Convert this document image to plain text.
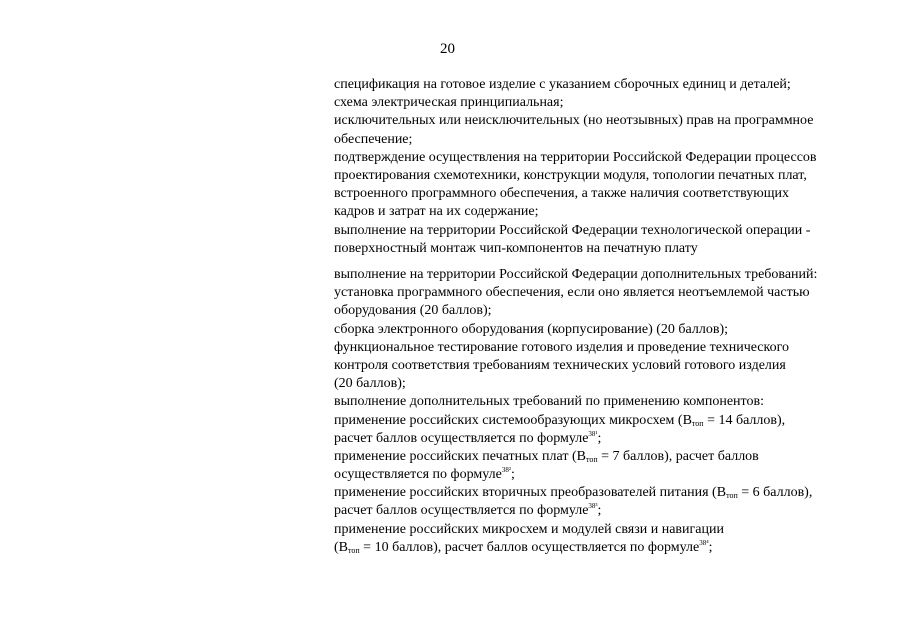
20
спецификация на готовое изделие с указанием сборочных единиц и деталей;
схема электрическая принципиальная;
исключительных или неисключительных (но неотзывных) прав на программное
обеспечение;
подтверждение осуществления на территории Российской Федерации процессов
проектирования схемотехники, конструкции модуля, топологии печатных плат,
встроенного программного обеспечения, а также наличия соответствующих
кадров и затрат на их содержание;
выполнение на территории Российской Федерации технологической операции -
поверхностный монтаж чип-компонентов на печатную плату
выполнение на территории Российской Федерации дополнительных требований:
установка программного обеспечения, если оно является неотъемлемой частью
оборудования (20 баллов);
сборка электронного оборудования (корпусирование) (20 баллов);
функциональное тестирование готового изделия и проведение технического
контроля соответствия требованиям технических условий готового изделия
(20 баллов);
выполнение дополнительных требований по применению компонентов:
применение российских системообразующих микросхем ($В_{топ} = 14$ баллов),
расчет баллов осуществляется по формуле$^{38^1}$;
применение российских печатных плат ($В_{топ} = 7$ баллов), расчет баллов
осуществляется по формуле$^{38^2}$;
применение российских вторичных преобразователей питания ($В_{топ} = 6$ баллов),
расчет баллов осуществляется по формуле$^{38^3}$;
применение российских микросхем и модулей связи и навигации
($В_{топ} = 10$ баллов), расчет баллов осуществляется по формуле$^{38^4}$;
